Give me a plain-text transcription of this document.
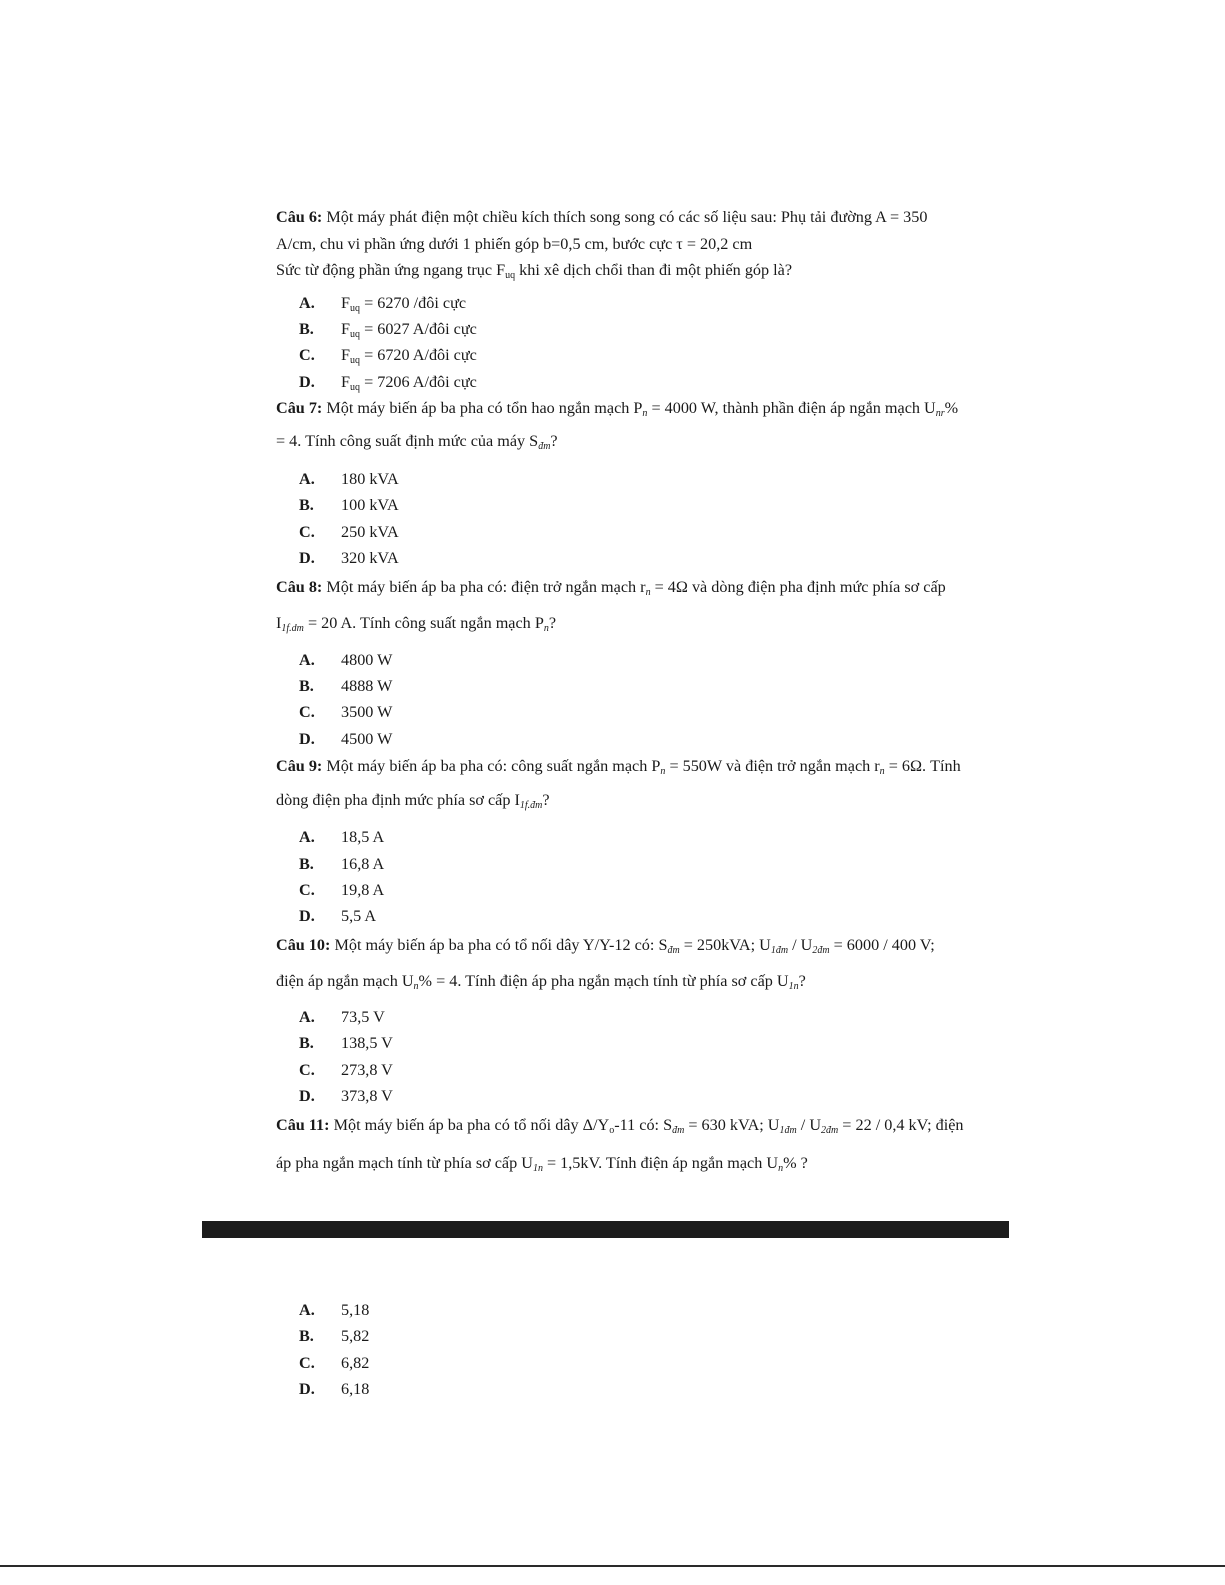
Câu 6: Một máy phát điện một chiều kích thích song song có các số liệu sau: Phụ tải đường A = 350 A/cm, chu vi phần ứng dưới 1 phiến góp b=0,5 cm, bước cực τ = 20,2 cm
Sức từ động phần ứng ngang trục $F_{uq}$ khi xê dịch chổi than đi một phiến góp là?
A. $F_{uq} = 6270$ /đôi cực
B. $F_{uq} = 6027$ A/đôi cực
C. $F_{uq} = 6720$ A/đôi cực
D. $F_{uq} = 7206$ A/đôi cực
Câu 7: Một máy biến áp ba pha có tổn hao ngắn mạch $P_n = 4000$ W, thành phần điện áp ngắn mạch $U_{nr}\% = 4$. Tính công suất định mức của máy $S_{đm}$?
A. 180 kVA
B. 100 kVA
C. 250 kVA
D. 320 kVA
Câu 8: Một máy biến áp ba pha có: điện trở ngắn mạch $r_n = 4\Omega$ và dòng điện pha định mức phía sơ cấp $I_{1f.dm} = 20$ A. Tính công suất ngắn mạch $P_n$?
A. 4800 W
B. 4888 W
C. 3500 W
D. 4500 W
Câu 9: Một máy biến áp ba pha có: công suất ngắn mạch $P_n = 550W$ và điện trở ngắn mạch $r_n = 6\Omega$. Tính dòng điện pha định mức phía sơ cấp $I_{1f.đm}$?
A. 18,5 A
B. 16,8 A
C. 19,8 A
D. 5,5 A
Câu 10: Một máy biến áp ba pha có tổ nối dây Y/Y-12 có: $S_{đm} = 250kVA$; $U_{1đm} / U_{2đm} = 6000 / 400$ V; điện áp ngắn mạch $U_n\% = 4$. Tính điện áp pha ngắn mạch tính từ phía sơ cấp $U_{1n}$?
A. 73,5 V
B. 138,5 V
C. 273,8 V
D. 373,8 V
Câu 11: Một máy biến áp ba pha có tổ nối dây $\Delta/Y_o-11$ có: $S_{đm} = 630$ kVA; $U_{1đm} / U_{2đm} = 22 / 0,4$ kV; điện áp pha ngắn mạch tính từ phía sơ cấp $U_{1n} = 1,5kV$. Tính điện áp ngắn mạch $U_n\%$ ?
A. 5,18
B. 5,82
C. 6,82
D. 6,18
